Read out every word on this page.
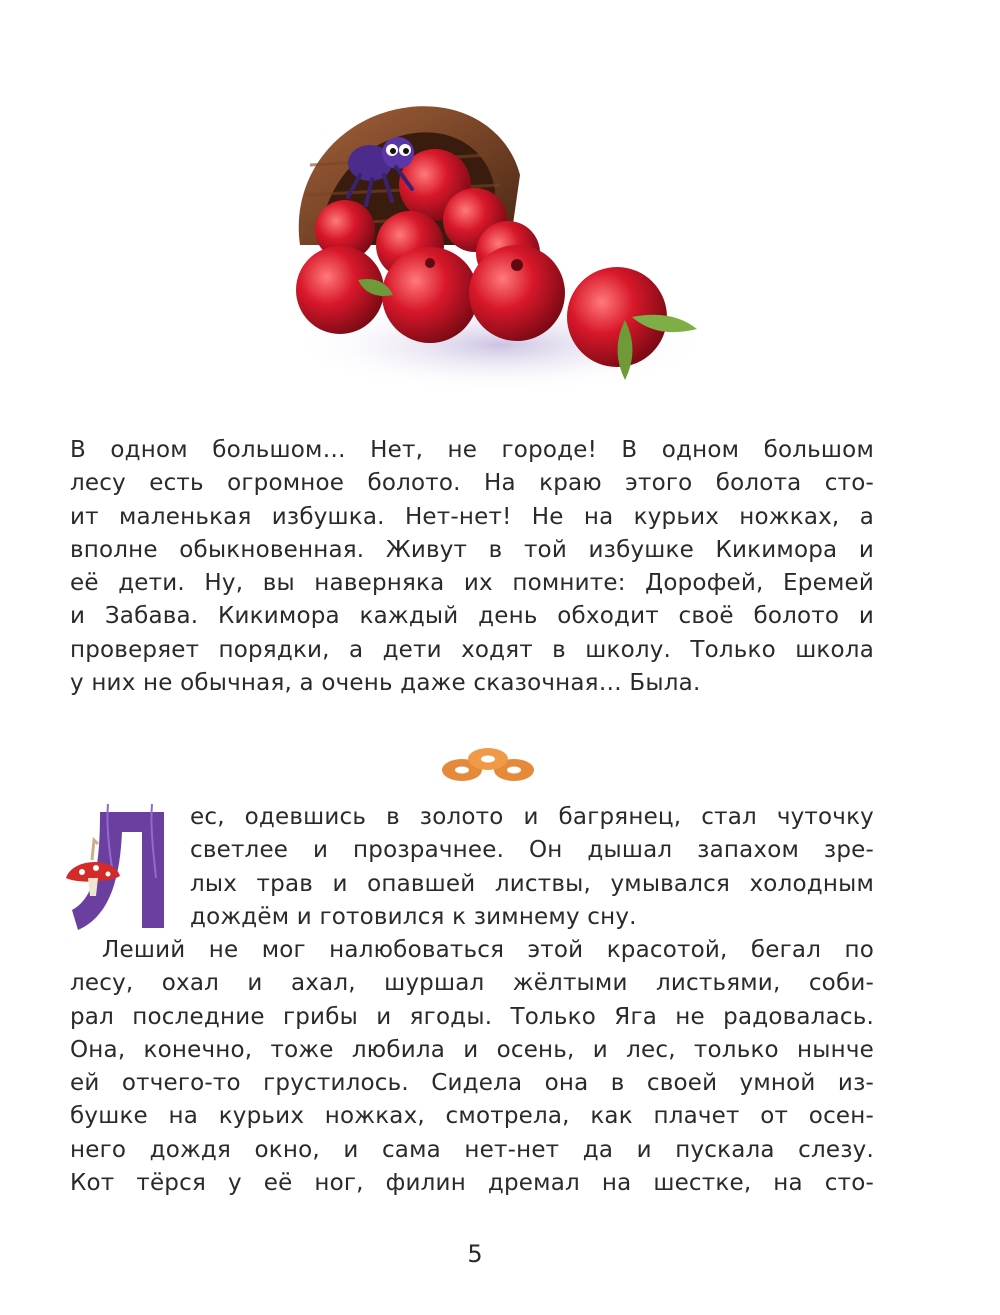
В одном большом… Нет, не городе! В одном большом
лесу есть огромное болото. На краю этого болота сто-
ит маленькая избушка. Нет-нет! Не на курьих ножках, а
вполне обыкновенная. Живут в той избушке Кикимора и
её дети. Ну, вы наверняка их помните: Дорофей, Еремей
и Забава. Кикимора каждый день обходит своё болото и
проверяет порядки, а дети ходят в школу. Только школа
у них не обычная, а очень даже сказочная… Была.
ес, одевшись в золото и багрянец, стал чуточку
светлее и прозрачнее. Он дышал запахом зре-
лых трав и опавшей листвы, умывался холодным
дождём и готовился к зимнему сну.
Леший не мог налюбоваться этой красотой, бегал по
лесу, охал и ахал, шуршал жёлтыми листьями, соби-
рал последние грибы и ягоды. Только Яга не радовалась.
Она, конечно, тоже любила и осень, и лес, только нынче
ей отчего-то грустилось. Сидела она в своей умной из-
бушке на курьих ножках, смотрела, как плачет от осен-
него дождя окно, и сама нет-нет да и пускала слезу.
Кот тёрся у её ног, филин дремал на шестке, на сто-
5
